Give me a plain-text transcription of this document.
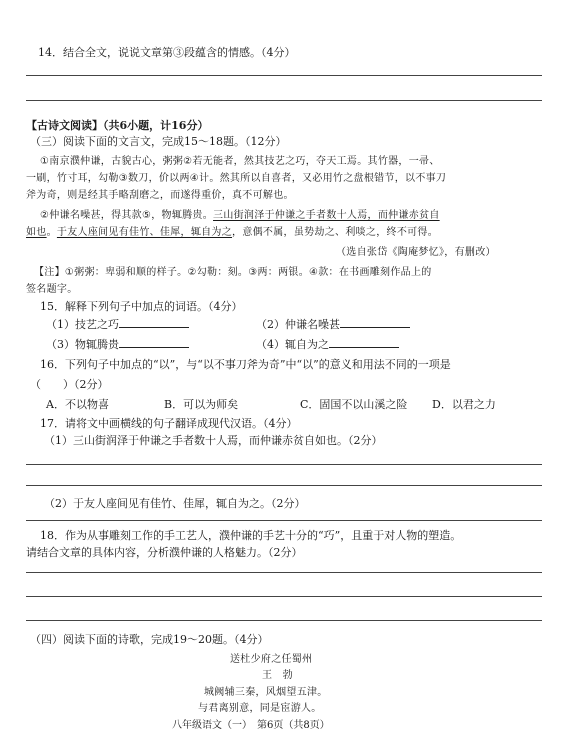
14．结合全文，说说文章第③段蕴含的情感。（4分）
【古诗文阅读】（共6小题，计16分）
（三）阅读下面的文言文，完成15～18题。（12分）
①南京濮仲谦，古貌古心，粥粥②若无能者，然其技艺之巧，夺天工焉。其竹器，一帚、
一刷，竹寸耳，勾勒③数刀，价以两④计。然其所以自喜者，又必用竹之盘根错节，以不事刀
斧为奇，则是经其手略刮磨之，而遂得重价，真不可解也。
②仲谦名噪甚，得其款⑤，物辄腾贵。三山街润泽于仲谦之手者数十人焉，而仲谦赤贫自
如也。于友人座间见有佳竹、佳犀，辄自为之，意偶不属，虽势劫之、利啖之，终不可得。
（选自张岱《陶庵梦忆》，有删改）
【注】①粥粥：卑弱和顺的样子。②勾勒：刻。③两：两银。④款：在书画雕刻作品上的
签名题字。
15．解释下列句子中加点的词语。（4分）
（1）技艺之巧	（2）仲谦名噪甚
（3）物辄腾贵	（4）辄自为之
16．下列句子中加点的“以”，与“以不事刀斧为奇”中“以”的意义和用法不同的一项是
（　　）（2分）
A．不以物喜	B．可以为师矣	C．固国不以山溪之险 D．以君之力
17．请将文中画横线的句子翻译成现代汉语。（4分）
（1）三山街润泽于仲谦之手者数十人焉，而仲谦赤贫自如也。（2分）
（2）于友人座间见有佳竹、佳犀，辄自为之。（2分）
18．作为从事雕刻工作的手工艺人，濮仲谦的手艺十分的“巧”，且重于对人物的塑造。
请结合文章的具体内容，分析濮仲谦的人格魅力。（2分）
（四）阅读下面的诗歌，完成19～20题。（4分）
送杜少府之任蜀州
王　勃
城阙辅三秦，风烟望五津。
与君离别意，同是宦游人。
八年级语文（一）　第6页（共8页）
